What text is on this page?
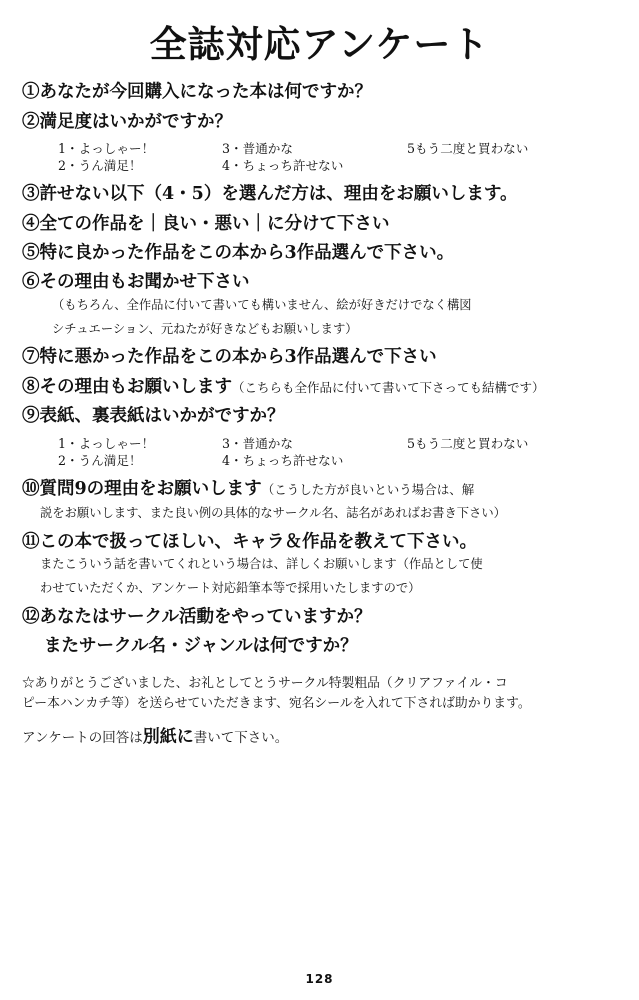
全誌対応アンケート
①あなたが今回購入になった本は何ですか？
②満足度はいかがですか？
1・よっしゃー！
2・うん満足！
3・普通かな
4・ちょっち許せない
5もう二度と買わない
③許せない以下（4・5）を選んだ方は、理由をお願いします。
④全ての作品を｜良い・悪い｜に分けて下さい
⑤特に良かった作品をこの本から3作品選んで下さい。
⑥その理由もお聞かせ下さい
（もちろん、全作品に付いて書いても構いません、絵が好きだけでなく構図
シチュエーション、元ねたが好きなどもお願いします）
⑦特に悪かった作品をこの本から3作品選んで下さい
⑧その理由もお願いします（こちらも全作品に付いて書いて下さっても結構です）
⑨表紙、裏表紙はいかがですか？
1・よっしゃー！
2・うん満足！
3・普通かな
4・ちょっち許せない
5もう二度と買わない
⑩質問9の理由をお願いします（こうした方が良いという場合は、解
説をお願いします、また良い例の具体的なサークル名、誌名があればお書き下さい）
⑪この本で扱ってほしい、キャラ＆作品を教えて下さい。
またこういう話を書いてくれという場合は、詳しくお願いします（作品として使
わせていただくか、アンケート対応鉛筆本等で採用いたしますので）
⑫あなたはサークル活動をやっていますか？
またサークル名・ジャンルは何ですか？
☆ありがとうございました、お礼としてとうサークル特製粗品（クリアファイル・コ
ピー本ハンカチ等）を送らせていただきます、宛名シールを入れて下されば助かります。
アンケートの回答は別紙に書いて下さい。
128
